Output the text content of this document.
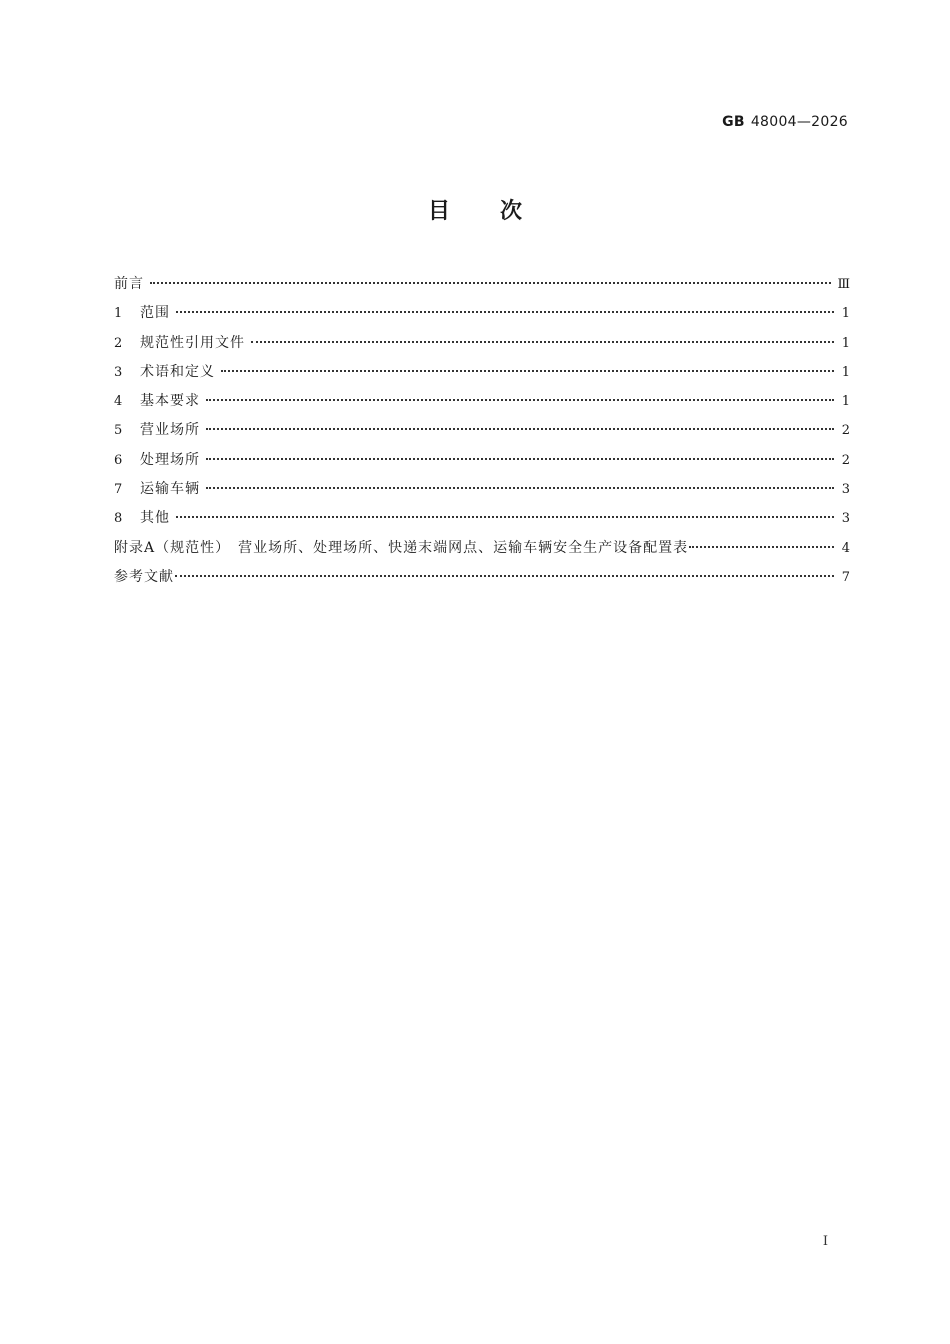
GB 48004—2026
目次
前言	Ⅲ
1	范围	1
2	规范性引用文件	1
3	术语和定义	1
4	基本要求	1
5	营业场所	2
6	处理场所	2
7	运输车辆	3
8	其他	3
附录A（规范性）　营业场所、处理场所、快递末端网点、运输车辆安全生产设备配置表	4
参考文献	7
Ⅰ
